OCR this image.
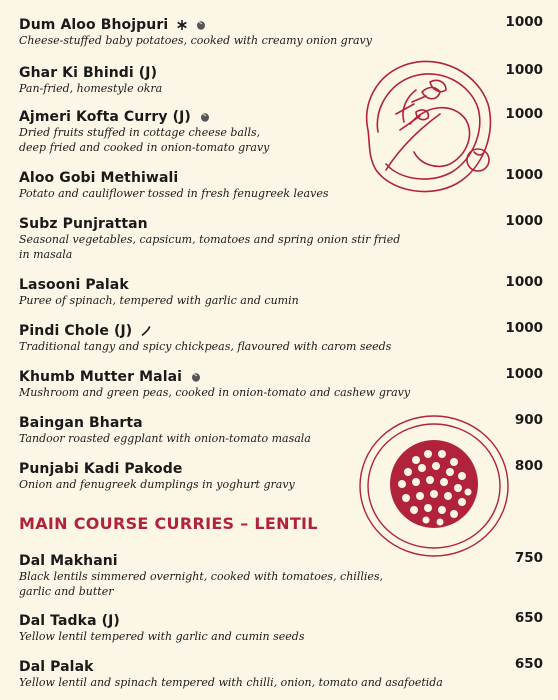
Dum Aloo Bhojpuri	1000
Cheese-stuffed baby potatoes, cooked with creamy onion gravy
Ghar Ki Bhindi (J)	1000
Pan-fried, homestyle okra
Ajmeri Kofta Curry (J)	1000
Dried fruits stuffed in cottage cheese balls,
deep fried and cooked in onion-tomato gravy
Aloo Gobi Methiwali	1000
Potato and cauliflower tossed in fresh fenugreek leaves
Subz Punjrattan	1000
Seasonal vegetables, capsicum, tomatoes and spring onion stir fried
in masala
Lasooni Palak	1000
Puree of spinach, tempered with garlic and cumin
Pindi Chole (J)	1000
Traditional tangy and spicy chickpeas, flavoured with carom seeds
Khumb Mutter Malai	1000
Mushroom and green peas, cooked in onion-tomato and cashew gravy
Baingan Bharta	900
Tandoor roasted eggplant with onion-tomato masala
Punjabi Kadi Pakode	800
Onion and fenugreek dumplings in yoghurt gravy
MAIN COURSE CURRIES – LENTIL
Dal Makhani	750
Black lentils simmered overnight, cooked with tomatoes, chillies,
garlic and butter
Dal Tadka (J)	650
Yellow lentil tempered with garlic and cumin seeds
Dal Palak	650
Yellow lentil and spinach tempered with chilli, onion, tomato and asafoetida
